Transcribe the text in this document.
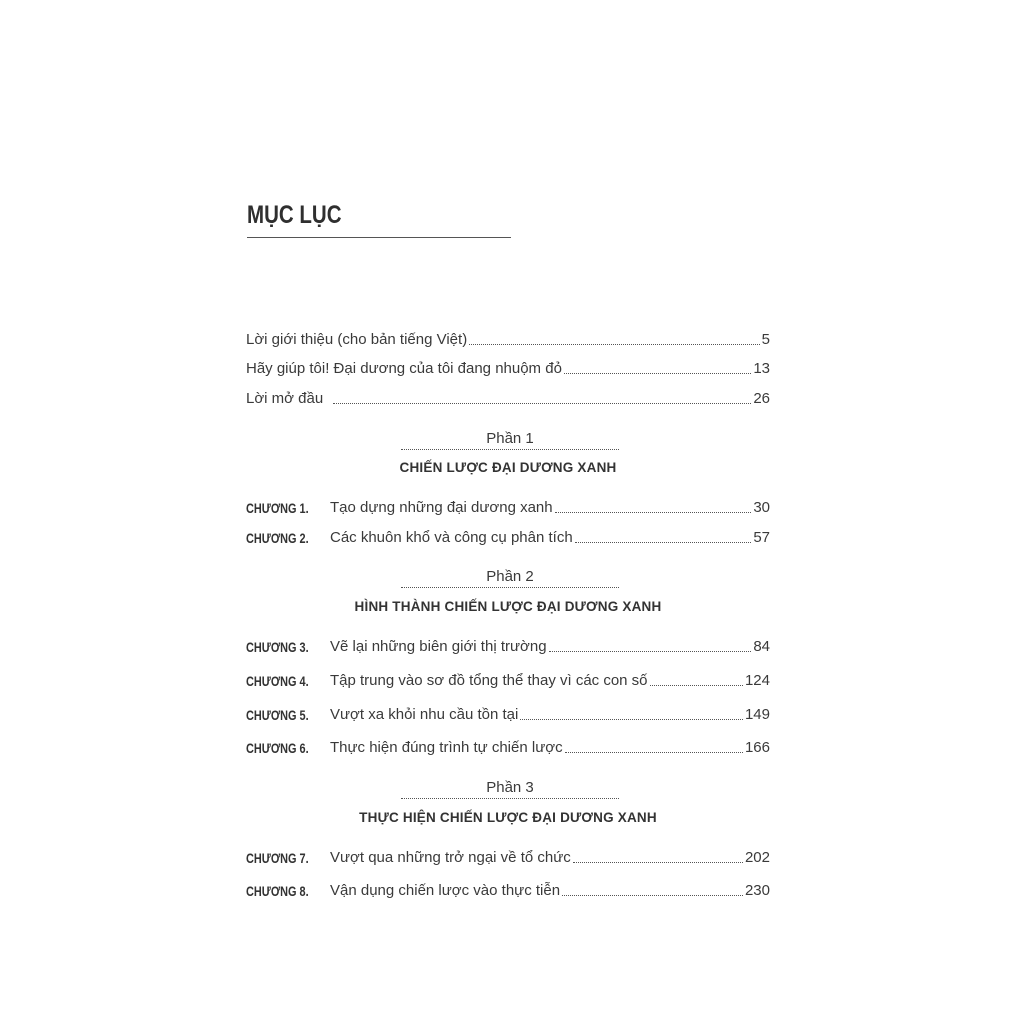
MỤC LỤC
Lời giới thiệu (cho bản tiếng Việt)	5
Hãy giúp tôi! Đại dương của tôi đang nhuộm đỏ	13
Lời mở đầu	26
Phần 1
CHIẾN LƯỢC ĐẠI DƯƠNG XANH
CHƯƠNG 1. Tạo dựng những đại dương xanh	30
CHƯƠNG 2. Các khuôn khổ và công cụ phân tích	57
Phần 2
HÌNH THÀNH CHIẾN LƯỢC ĐẠI DƯƠNG XANH
CHƯƠNG 3. Vẽ lại những biên giới thị trường	84
CHƯƠNG 4. Tập trung vào sơ đồ tổng thể thay vì các con số	124
CHƯƠNG 5. Vượt xa khỏi nhu cầu tồn tại	149
CHƯƠNG 6. Thực hiện đúng trình tự chiến lược	166
Phần 3
THỰC HIỆN CHIẾN LƯỢC ĐẠI DƯƠNG XANH
CHƯƠNG 7. Vượt qua những trở ngại về tổ chức	202
CHƯƠNG 8. Vận dụng chiến lược vào thực tiễn	230
